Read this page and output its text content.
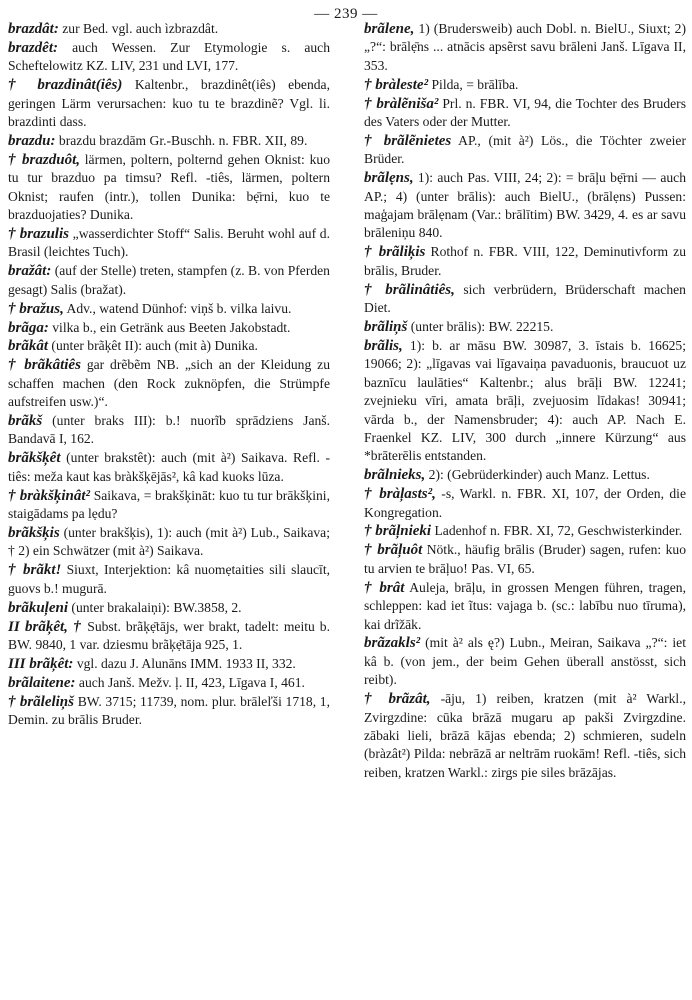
— 239 —
brazdât: zur Bed. vgl. auch ìzbrazdât.
brazdêt: auch Wessen. Zur Etymologie s. auch Scheftelowitz KZ. LIV, 231 und LVI, 177.
† brazdinât(iês) Kaltenbr., brazdinêt(iês) ebenda, geringen Lärm verursachen: kuo tu te brazdinẽ? Vgl. li. brazdinti dass.
brazdu: brazdu brazdām Gr.-Buschh. n. FBR. XII, 89.
† brazduôt, lärmen, poltern, polternd gehen Oknist: kuo tu tur brazduo pa timsu? Refl. -tiês, lärmen, poltern Oknist; raufen (intr.), tollen Dunika: bẹ̄rni, kuo te brazduojaties? Dunika.
† brazulis „wasserdichter Stoff“ Salis. Beruht wohl auf d. Brasil (leichtes Tuch).
bražât: (auf der Stelle) treten, stampfen (z. B. von Pferden gesagt) Salis (bražat).
† bražus, Adv., watend Dünhof: viņš b. vilka laivu.
brãga: vilka b., ein Getränk aus Beeten Jakobstadt.
brãkât (unter brãķêt II): auch (mit à) Dunika.
† brãkâtiês gar drẽbẽm NB. „sich an der Kleidung zu schaffen machen (den Rock zuknöpfen, die Strümpfe aufstreifen usw.)“.
brãkš (unter braks III): b.! nuorĩb sprādziens Janš. Bandavā I, 162.
brãkšķêt (unter brakstêt): auch (mit à²) Saikava. Refl. -tiês: meža kaut kas bràkšķējās², kâ kad kuoks lūza.
† bràkšķinât² Saikava, = brakšķināt: kuo tu tur brākšķini, staigādams pa lẹdu?
brãkšķis (unter brakšķis), 1): auch (mit à²) Lub., Saikava; † 2) ein Schwätzer (mit à²) Saikava.
† brãkt! Siuxt, Interjektion: kâ nuomẹtaities sili slaucīt, guovs b.! mugurā.
brãkuļeni (unter brakalaiņi): BW.3858, 2.
II brãķêt, † Subst. brãķẹ̄tājs, wer brakt, tadelt: meitu b. BW. 9840, 1 var. dziesmu brãķẹ̄tāja 925, 1.
III brãķêt: vgl. dazu J. Alunāns IMM. 1933 II, 332.
brãlaitene: auch Janš. Mežv. ļ. II, 423, Līgava I, 461.
† brãleliņš BW. 3715; 11739, nom. plur. brāleľši 1718, 1, Demin. zu brālis Bruder.
brãlene, 1) (Brudersweib) auch Dobl. n. BielU., Siuxt; 2) „?“: brālẹ̄ns ... atnācis apsẽrst savu brāleni Janš. Līgava II, 353.
† bràleste² Pilda, = brālība.
† bràlẽniša² Prl. n. FBR. VI, 94, die Tochter des Bruders des Vaters oder der Mutter.
† brãlẽnietes AP., (mit à²) Lös., die Töchter zweier Brüder.
brãlẹns, 1): auch Pas. VIII, 24; 2): = brāļu bẹ̄rni — auch AP.; 4) (unter brālis): auch BielU., (brālẹns) Pussen: maģajam brālẹnam (Var.: brālītim) BW. 3429, 4. es ar savu brāleniņu 840.
† brãliķis Rothof n. FBR. VIII, 122, Deminutivform zu brālis, Bruder.
† brãlinâtiês, sich verbrüdern, Brüderschaft machen Diet.
brãliņš (unter brālis): BW. 22215.
brãlis, 1): b. ar māsu BW. 30987, 3. īstais b. 16625; 19066; 2): „līgavas vai līgavaiņa pavaduonis, braucuot uz baznīcu laulāties“ Kaltenbr.; alus brāļi BW. 12241; zvejnieku vīri, amata brāļi, zvejuosim līdakas! 30941; vārda b., der Namensbruder; 4): auch AP. Nach E. Fraenkel KZ. LIV, 300 durch „innere Kürzung“ aus *brāterēlis entstanden.
brãlnieks, 2): (Gebrüderkinder) auch Manz. Lettus.
† bràļasts², -s, Warkl. n. FBR. XI, 107, der Orden, die Kongregation.
† brãļnieki Ladenhof n. FBR. XI, 72, Geschwisterkinder.
† brãļuôt Nötk., häufig brālis (Bruder) sagen, rufen: kuo tu arvien te brāļuo! Pas. VI, 65.
† brât Auleja, brāļu, in grossen Mengen führen, tragen, schleppen: kad iet ĩtus: vajaga b. (sc.: labību nuo tīruma), kai drĩžāk.
brãzakls² (mit à² als ę?) Lubn., Meiran, Saikava „?“: iet kâ b. (von jem., der beim Gehen überall anstösst, sich reibt).
† brãzât, -āju, 1) reiben, kratzen (mit à² Warkl., Zvirgzdine: cūka brāzā mugaru ap pakši Zvirgzdine. zābaki lieli, brāzā kājas ebenda; 2) schmieren, sudeln (bràzât²) Pilda: nebrāzā ar neltrām ruokām! Refl. -tiês, sich reiben, kratzen Warkl.: zirgs pie siles brāzājas.
